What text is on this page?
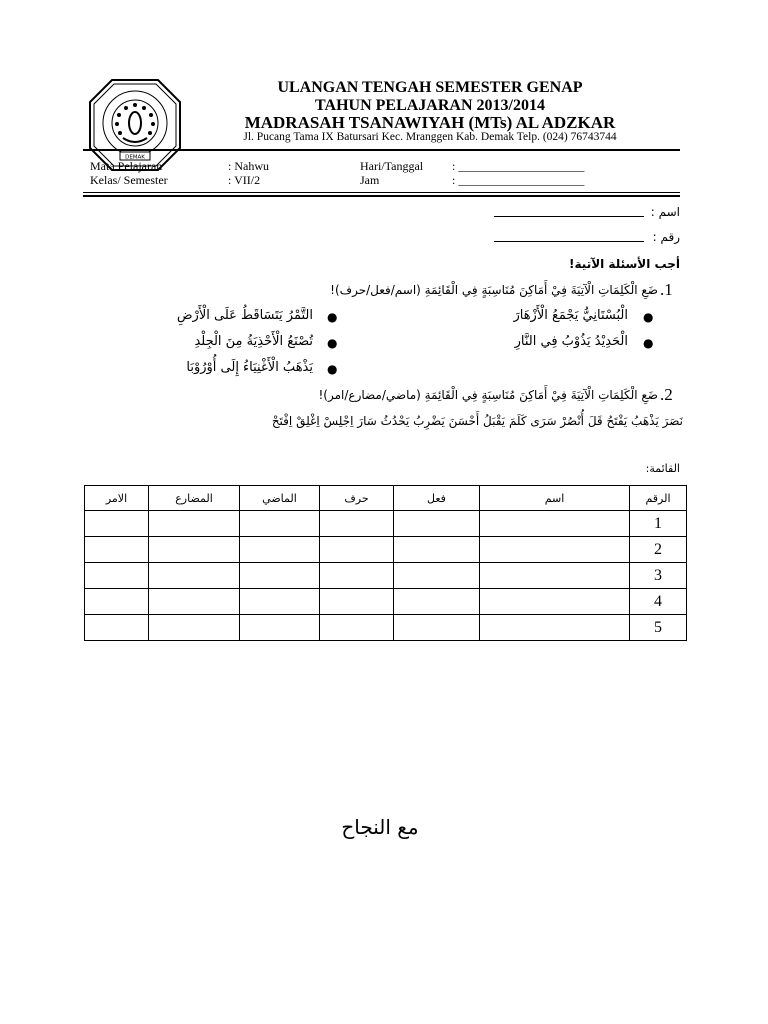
DEMAK
ULANGAN TENGAH SEMESTER GENAP
TAHUN PELAJARAN 2013/2014
MADRASAH TSANAWIYAH (MTs) AL ADZKAR
Jl. Pucang Tama IX Batursari Kec. Mranggen Kab. Demak Telp. (024) 76743744
Mata Pelajaran	: Nahwu	Hari/Tanggal : _____________________
Kelas/ Semester	: VII/2	Jam	: _____________________
اسم :
رقم :
أجب الأسئلة الآتية!
.1
ضَعِ الْكَلِمَاتِ الْآتِيَةَ فِيْ أَمَاكِنَ مُنَاسِبَةٍ فِي الْقَائِمَةِ (اسم/فعل/حرف)!
●
الْبُسْتَانِيُّ يَجْمَعُ الْأَزْهَارَ
●
التَّمْرُ يَتَسَاقَطُ عَلَى الْأَرْضِ
●
الْحَدِيْدُ يَذُوْبُ فِي النَّارِ
●
تُصْنَعُ الْأَحْذِيَةُ مِنَ الْجِلْدِ
●
يَذْهَبُ الْأَغْنِيَاءُ إِلَى أُوْرُوْبَا
.2
ضَعِ الْكَلِمَاتِ الْآتِيَةَ فِيْ أَمَاكِنَ مُنَاسِبَةٍ فِي الْقَائِمَةِ (ماضي/مضارع/امر)!
نَصَرَ يَذْهَبُ يَفْتَحُ قَلَ أُنْصُرْ سَرَى كَلَمَ يَقْبَلُ أَحْسَنَ يَضْرِبُ يَحْدُثُ سَارَ اِجْلِسْ اِغْلِقْ اِفْتَحْ
القائمة:
الامر	المضارع	الماضي	حرف	فعل	اسم	الرقم
						1
						2
						3
						4
						5
مع النجاح
